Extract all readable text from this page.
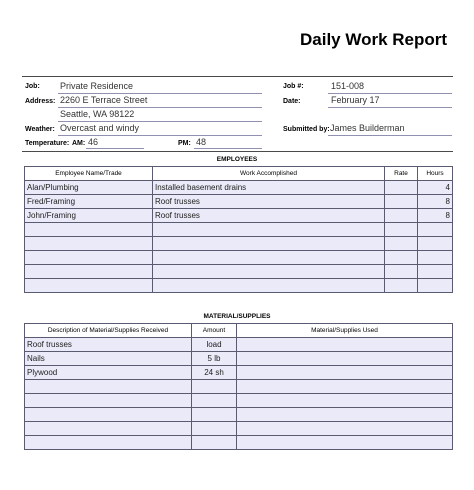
Daily Work Report
Job: Private Residence
Address: 2260 E Terrace Street
Seattle, WA 98122
Weather: Overcast and windy
Temperature: AM: 46	PM: 48
Job #:	151-008
Date:	February 17
Submitted by: James Builderman
EMPLOYEES
Employee Name/Trade	Work Accomplished	Rate	Hours
Alan/Plumbing	Installed basement drains		4
Fred/Framing	Roof trusses		8
John/Framing	Roof trusses		8

MATERIAL/SUPPLIES
Description of Material/Supplies Received	Amount	Material/Supplies Used
Roof trusses	load	
Nails	5 lb	
Plywood	24 sh	
